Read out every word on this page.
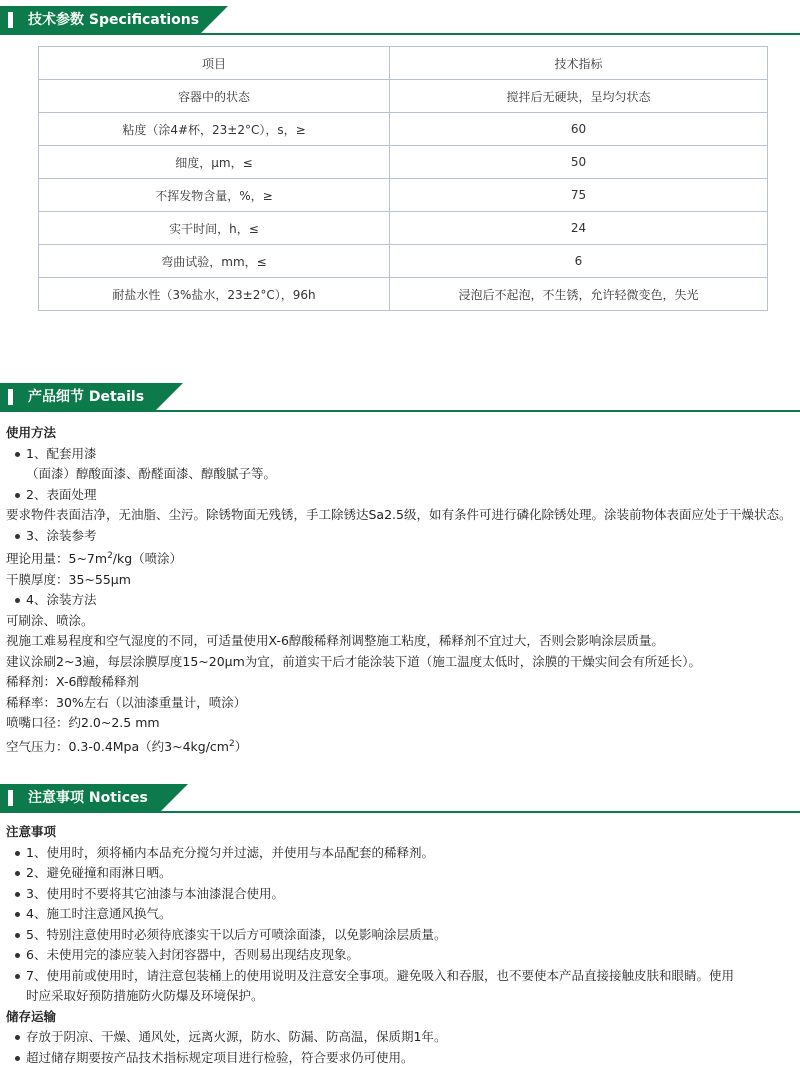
技术参数 Specifications
项目	技术指标
容器中的状态	搅拌后无硬块，呈均匀状态
粘度（涂4#杯，23±2°C），s，≥	60
细度，μm，≤	50
不挥发物含量，%，≥	75
实干时间，h，≤	24
弯曲试验，mm，≤	6
耐盐水性（3%盐水，23±2°C），96h	浸泡后不起泡，不生锈，允许轻微变色，失光
产品细节 Details
使用方法
1、配套用漆
（面漆）醇酸面漆、酚醛面漆、醇酸腻子等。
2、表面处理
要求物件表面洁净，无油脂、尘污。除锈物面无残锈，手工除锈达Sa2.5级，如有条件可进行磷化除锈处理。涂装前物体表面应处于干燥状态。
3、涂装参考
理论用量：$5\sim 7m^2/kg$（喷涂）
干膜厚度：35~55μm
4、涂装方法
可刷涂、喷涂。
视施工难易程度和空气湿度的不同，可适量使用X-6醇酸稀释剂调整施工粘度，稀释剂不宜过大，否则会影响涂层质量。
建议涂刷2~3遍，每层涂膜厚度15~20μm为宜，前道实干后才能涂装下道（施工温度太低时，涂膜的干燥实间会有所延长）。
稀释剂：X-6醇酸稀释剂
稀释率：30%左右（以油漆重量计，喷涂）
喷嘴口径：约2.0~2.5 mm
空气压力：0.3-0.4Mpa（约$3\sim 4kg/cm^2$）
注意事项 Notices
注意事项
1、使用时，须将桶内本品充分搅匀并过滤，并使用与本品配套的稀释剂。
2、避免碰撞和雨淋日晒。
3、使用时不要将其它油漆与本油漆混合使用。
4、施工时注意通风换气。
5、特别注意使用时必须待底漆实干以后方可喷涂面漆，以免影响涂层质量。
6、未使用完的漆应装入封闭容器中，否则易出现结皮现象。
7、使用前或使用时，请注意包装桶上的使用说明及注意安全事项。避免吸入和吞服，也不要使本产品直接接触皮肤和眼睛。使用时应采取好预防措施防火防爆及环境保护。
储存运输
存放于阴凉、干燥、通风处，远离火源，防水、防漏、防高温，保质期1年。
超过储存期要按产品技术指标规定项目进行检验，符合要求仍可使用。
